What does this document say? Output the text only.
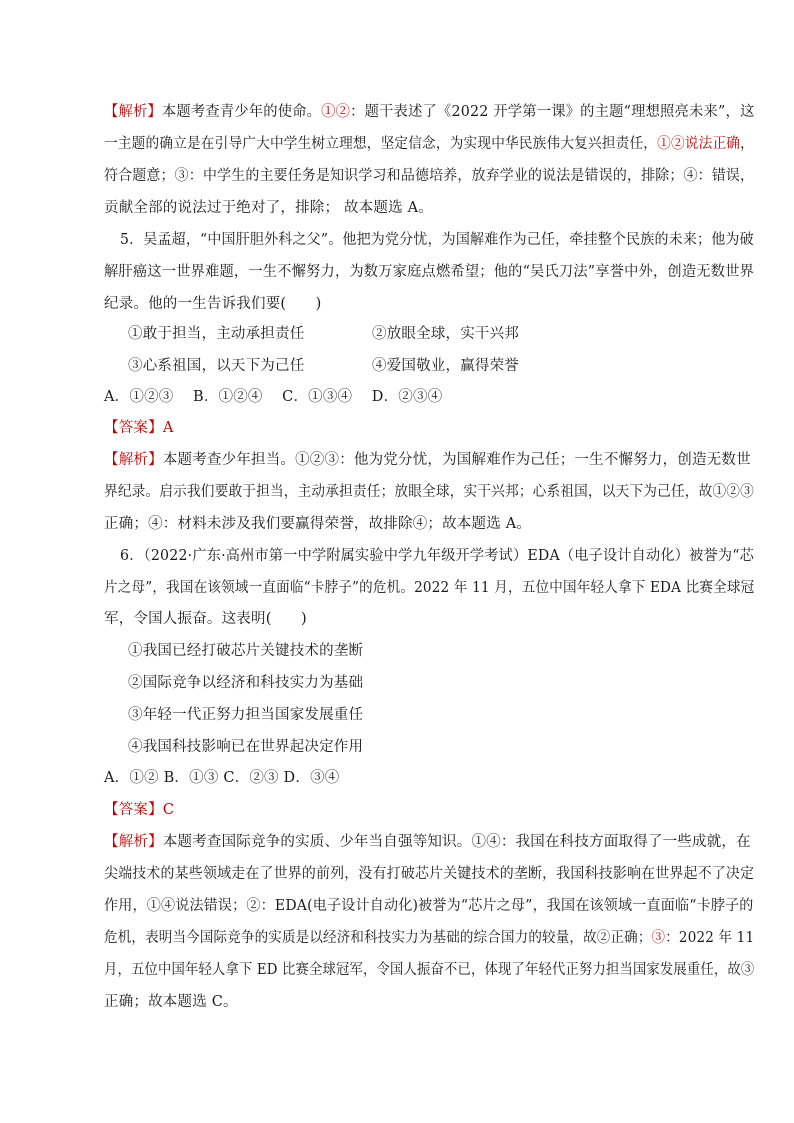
【解析】本题考查青少年的使命。①②：题干表述了《2022 开学第一课》的主题“理想照亮未来”，这
一主题的确立是在引导广大中学生树立理想，坚定信念，为实现中华民族伟大复兴担责任，①②说法正确，
符合题意；③：中学生的主要任务是知识学习和品德培养，放弃学业的说法是错误的，排除；④：错误，
贡献全部的说法过于绝对了，排除； 故本题选 A。
5．吴孟超，“中国肝胆外科之父”。他把为党分忧，为国解难作为己任，牵挂整个民族的未来；他为破
解肝癌这一世界难题，一生不懈努力，为数万家庭点燃希望；他的“吴氏刀法”享誉中外，创造无数世界
纪录。他的一生告诉我们要(　　)
①敢于担当，主动承担责任	②放眼全球，实干兴邦
③心系祖国，以天下为己任	④爱国敬业，赢得荣誉
A．①②③　 B．①②④　 C．①③④　 D．②③④
【答案】A
【解析】本题考查少年担当。①②③：他为党分忧，为国解难作为己任；一生不懈努力，创造无数世
界纪录。启示我们要敢于担当，主动承担责任；放眼全球，实干兴邦；心系祖国，以天下为己任，故①②③
正确；④：材料未涉及我们要赢得荣誉，故排除④；故本题选 A。
6．（2022·广东·高州市第一中学附属实验中学九年级开学考试）EDA（电子设计自动化）被誉为“芯
片之母”，我国在该领域一直面临“卡脖子”的危机。2022 年 11 月，五位中国年轻人拿下 EDA 比赛全球冠
军，令国人振奋。这表明(　　)
①我国已经打破芯片关键技术的垄断
②国际竞争以经济和科技实力为基础
③年轻一代正努力担当国家发展重任
④我国科技影响已在世界起决定作用
A．①② B．①③ C．②③ D．③④
【答案】C
【解析】本题考查国际竞争的实质、少年当自强等知识。①④：我国在科技方面取得了一些成就，在
尖端技术的某些领域走在了世界的前列，没有打破芯片关键技术的垄断，我国科技影响在世界起不了决定
作用，①④说法错误；②：EDA(电子设计自动化)被誉为“芯片之母”，我国在该领域一直面临“卡脖子的
危机，表明当今国际竞争的实质是以经济和科技实力为基础的综合国力的较量，故②正确；③：2022 年 11
月，五位中国年轻人拿下 ED 比赛全球冠军，令国人振奋不已，体现了年轻代正努力担当国家发展重任，故③
正确；故本题选 C。
